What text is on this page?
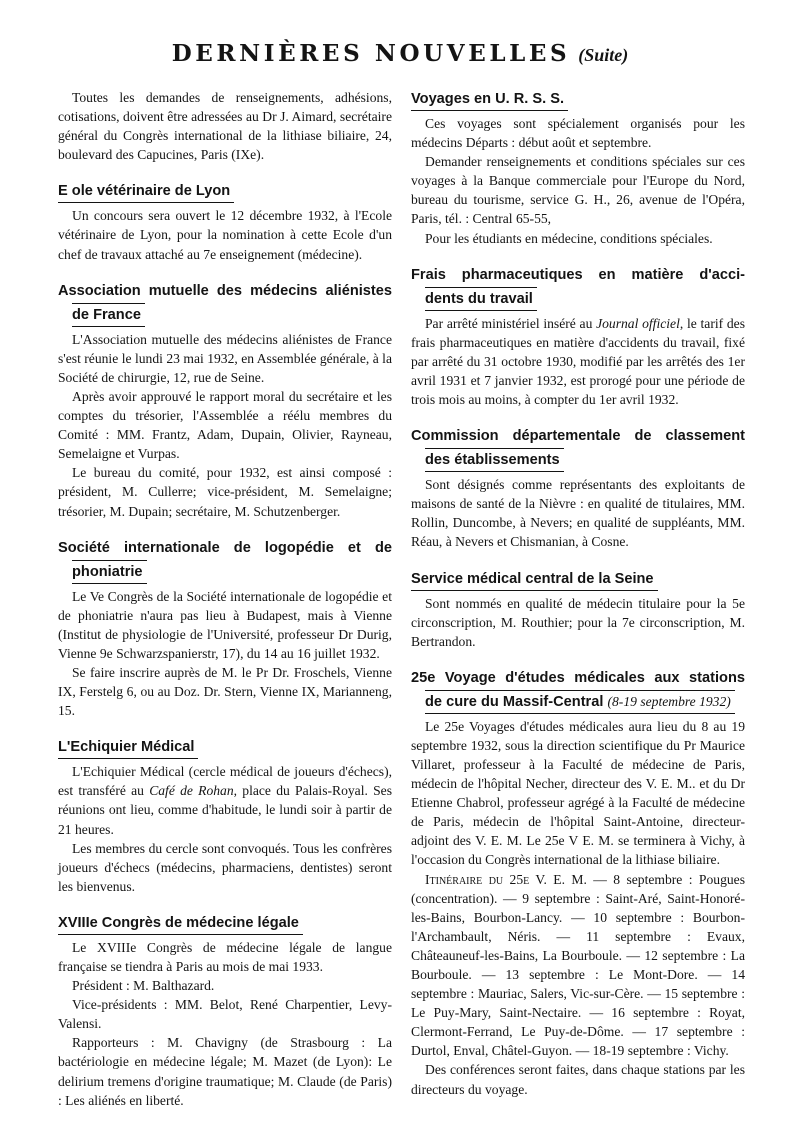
DERNIÈRES NOUVELLES (Suite)

Toutes les demandes de renseignements, adhésions, cotisations, doivent être adressées au Dr J. Aimard, secrétaire général du Congrès international de la lithiase biliaire, 24, boulevard des Capucines, Paris (IXe).

E ole vétérinaire de Lyon

Un concours sera ouvert le 12 décembre 1932, à l'Ecole vétérinaire de Lyon, pour la nomination à cette Ecole d'un chef de travaux attaché au 7e enseignement (médecine).

Association mutuelle des médecins aliénistes
de France

L'Association mutuelle des médecins aliénistes de France s'est réunie le lundi 23 mai 1932, en Assemblée générale, à la Société de chirurgie, 12, rue de Seine.

Après avoir approuvé le rapport moral du secrétaire et les comptes du trésorier, l'Assemblée a réélu membres du Comité : MM. Frantz, Adam, Dupain, Olivier, Rayneau, Semelaigne et Vurpas.

Le bureau du comité, pour 1932, est ainsi composé : président, M. Cullerre; vice-président, M. Semelaigne; trésorier, M. Dupain; secrétaire, M. Schutzenberger.

Société internationale de logopédie et de
phoniatrie

Le Ve Congrès de la Société internationale de logopédie et de phoniatrie n'aura pas lieu à Budapest, mais à Vienne (Institut de physiologie de l'Université, professeur Dr Durig, Vienne 9e Schwarzspanierstr, 17), du 14 au 16 juillet 1932.

Se faire inscrire auprès de M. le Pr Dr. Froschels, Vienne IX, Ferstelg 6, ou au Doz. Dr. Stern, Vienne IX, Marianneng, 15.

L'Echiquier Médical

L'Echiquier Médical (cercle médical de joueurs d'échecs), est transféré au Café de Rohan, place du Palais-Royal. Ses réunions ont lieu, comme d'habitude, le lundi soir à partir de 21 heures.

Les membres du cercle sont convoqués. Tous les confrères joueurs d'échecs (médecins, pharmaciens, dentistes) seront les bienvenus.

XVIIIe Congrès de médecine légale

Le XVIIIe Congrès de médecine légale de langue française se tiendra à Paris au mois de mai 1933.

Président : M. Balthazard.

Vice-présidents : MM. Belot, René Charpentier, Levy-Valensi.

Rapporteurs : M. Chavigny (de Strasbourg : La bactériologie en médecine légale; M. Mazet (de Lyon): Le delirium tremens d'origine traumatique; M. Claude (de Paris) : Les aliénés en liberté.

Voyages en U. R. S. S.

Ces voyages sont spécialement organisés pour les médecins Départs : début août et septembre.

Demander renseignements et conditions spéciales sur ces voyages à la Banque commerciale pour l'Europe du Nord, bureau du tourisme, service G. H., 26, avenue de l'Opéra, Paris, tél. : Central 65-55,

Pour les étudiants en médecine, conditions spéciales.

Frais pharmaceutiques en matière d'acci-
dents du travail

Par arrêté ministériel inséré au Journal officiel, le tarif des frais pharmaceutiques en matière d'accidents du travail, fixé par arrêté du 31 octobre 1930, modifié par les arrêtés des 1er avril 1931 et 7 janvier 1932, est prorogé pour une période de trois mois au moins, à compter du 1er avril 1932.

Commission départementale de classement
des établissements

Sont désignés comme représentants des exploitants de maisons de santé de la Nièvre : en qualité de titulaires, MM. Rollin, Duncombe, à Nevers; en qualité de suppléants, MM. Réau, à Nevers et Chismanian, à Cosne.

Service médical central de la Seine

Sont nommés en qualité de médecin titulaire pour la 5e circonscription, M. Routhier; pour la 7e circonscription, M. Bertrandon.

25e Voyage d'études médicales aux stations
de cure du Massif-Central (8-19 septembre 1932)

Le 25e Voyages d'études médicales aura lieu du 8 au 19 septembre 1932, sous la direction scientifique du Pr Maurice Villaret, professeur à la Faculté de médecine de Paris, médecin de l'hôpital Necher, directeur des V. E. M.. et du Dr Etienne Chabrol, professeur agrégé à la Faculté de médecine de Paris, médecin de l'hôpital Saint-Antoine, directeur-adjoint des V. E. M. Le 25e V E. M. se terminera à Vichy, à l'occasion du Congrès international de la lithiase biliaire.

Itinéraire du 25e V. E. M. — 8 septembre : Pougues (concentration). — 9 septembre : Saint-Aré, Saint-Honoré-les-Bains, Bourbon-Lancy. — 10 septembre : Bourbon-l'Archambault, Néris. — 11 septembre : Evaux, Châteauneuf-les-Bains, La Bourboule. — 12 septembre : La Bourboule. — 13 septembre : Le Mont-Dore. — 14 septembre : Mauriac, Salers, Vic-sur-Cère. — 15 septembre : Le Puy-Mary, Saint-Nectaire. — 16 septembre : Royat, Clermont-Ferrand, Le Puy-de-Dôme. — 17 septembre : Durtol, Enval, Châtel-Guyon. — 18-19 septembre : Vichy.

Des conférences seront faites, dans chaque stations par les directeurs du voyage.
